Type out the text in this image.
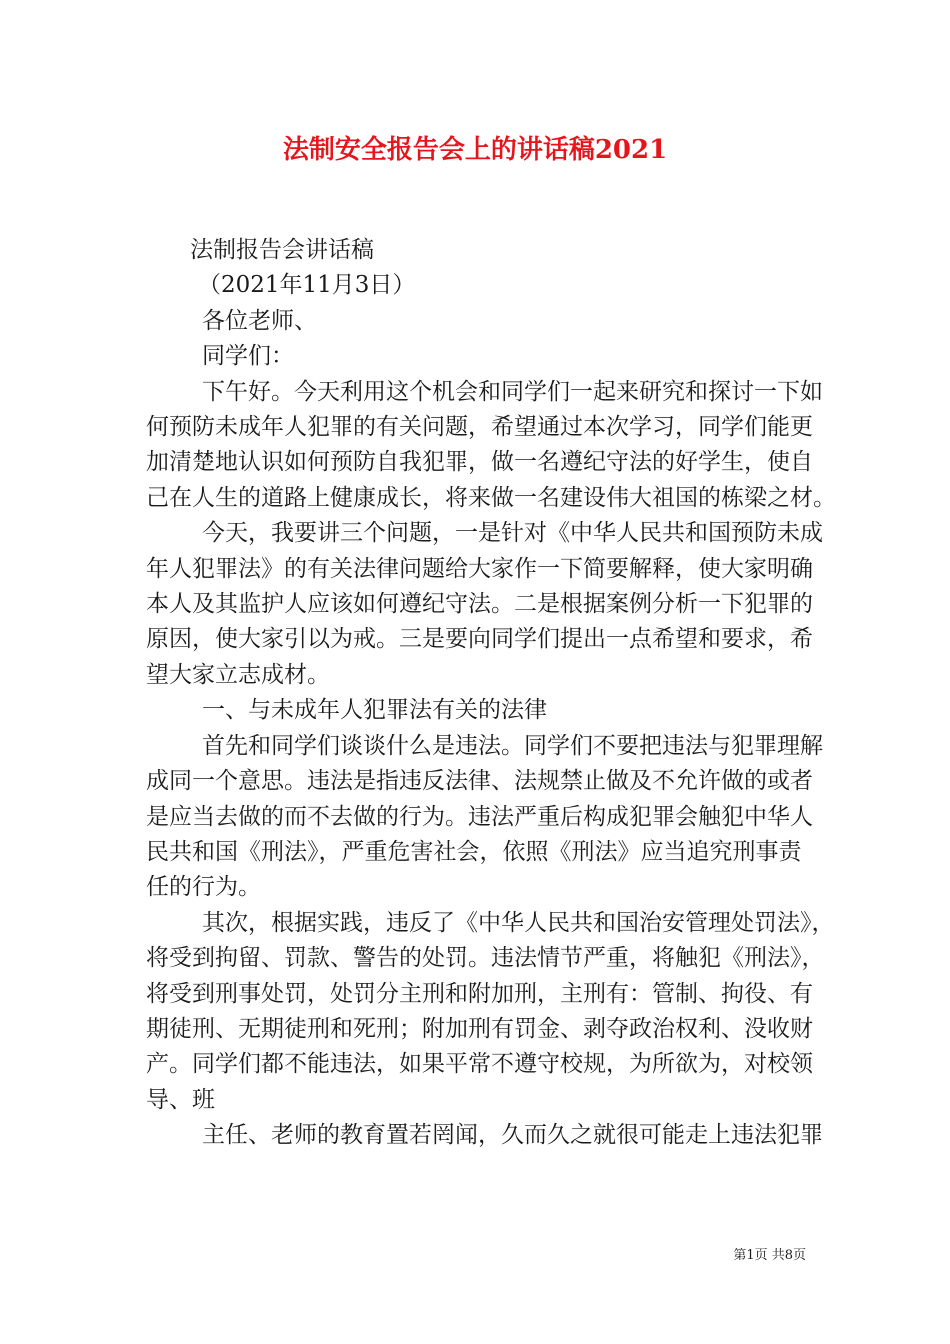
法制安全报告会上的讲话稿2021

法制报告会讲话稿

（2021年11月3日）

各位老师、

同学们：

下午好。今天利用这个机会和同学们一起来研究和探讨一下如

何预防未成年人犯罪的有关问题，希望通过本次学习，同学们能更

加清楚地认识如何预防自我犯罪，做一名遵纪守法的好学生，使自

己在人生的道路上健康成长，将来做一名建设伟大祖国的栋梁之材。

今天，我要讲三个问题，一是针对《中华人民共和国预防未成

年人犯罪法》的有关法律问题给大家作一下简要解释，使大家明确

本人及其监护人应该如何遵纪守法。二是根据案例分析一下犯罪的

原因，使大家引以为戒。三是要向同学们提出一点希望和要求，希

望大家立志成材。

一、与未成年人犯罪法有关的法律

首先和同学们谈谈什么是违法。同学们不要把违法与犯罪理解

成同一个意思。违法是指违反法律、法规禁止做及不允许做的或者

是应当去做的而不去做的行为。违法严重后构成犯罪会触犯中华人

民共和国《刑法》，严重危害社会，依照《刑法》应当追究刑事责

任的行为。

其次，根据实践，违反了《中华人民共和国治安管理处罚法》，

将受到拘留、罚款、警告的处罚。违法情节严重，将触犯《刑法》，

将受到刑事处罚，处罚分主刑和附加刑，主刑有：管制、拘役、有

期徒刑、无期徒刑和死刑；附加刑有罚金、剥夺政治权利、没收财

产。同学们都不能违法，如果平常不遵守校规，为所欲为，对校领

导、班

主任、老师的教育置若罔闻，久而久之就很可能走上违法犯罪

第1页 共8页
